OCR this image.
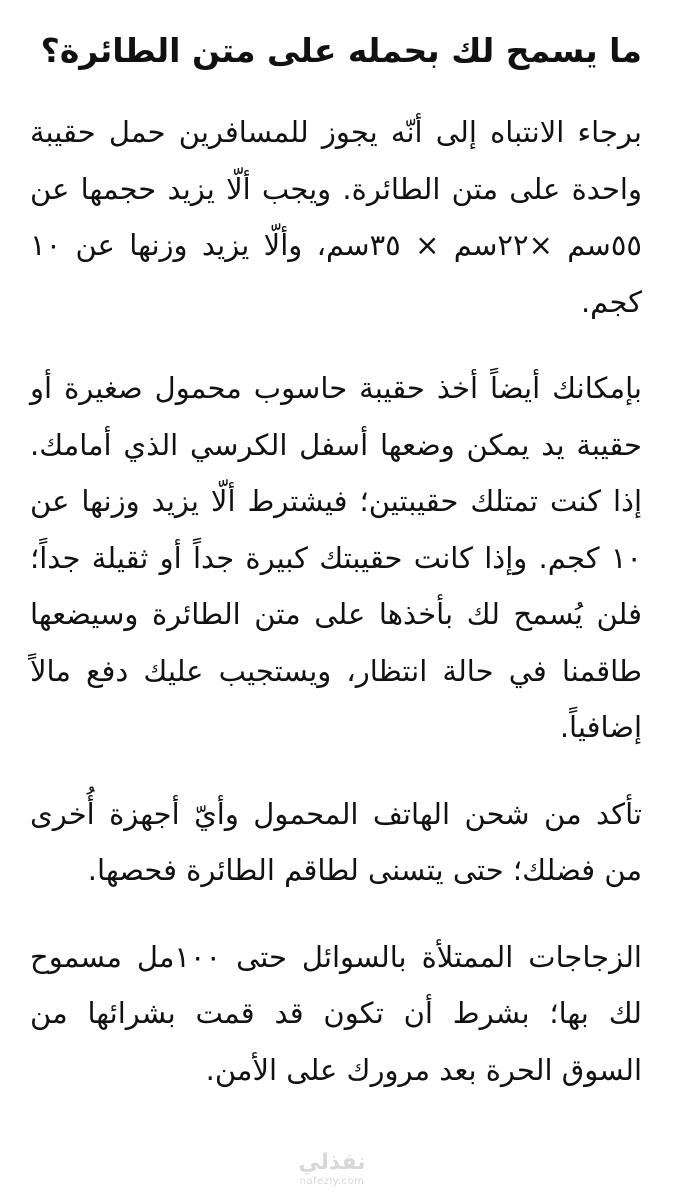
ما يسمح لك بحمله على متن الطائرة؟

برجاء الانتباه إلى أنّه يجوز للمسافرين حمل حقيبة واحدة على متن الطائرة. ويجب ألّا يزيد حجمها عن ٥٥سم ×٢٢سم × ٣٥سم، وألّا يزيد وزنها عن ١٠ كجم.

بإمكانك أيضاً أخذ حقيبة حاسوب محمول صغيرة أو حقيبة يد يمكن وضعها أسفل الكرسي الذي أمامك. إذا كنت تمتلك حقيبتين؛ فيشترط ألّا يزيد وزنها عن ١٠ كجم. وإذا كانت حقيبتك كبيرة جداً أو ثقيلة جداً؛ فلن يُسمح لك بأخذها على متن الطائرة وسيضعها طاقمنا في حالة انتظار، ويستجيب عليك دفع مالاً إضافياً.

تأكد من شحن الهاتف المحمول وأيّ أجهزة أُخرى من فضلك؛ حتى يتسنى لطاقم الطائرة فحصها.

الزجاجات الممتلأة بالسوائل حتى ١٠٠مل مسموح لك بها؛ بشرط أن تكون قد قمت بشرائها من السوق الحرة بعد مرورك على الأمن.

نفذلي
nafezly.com
